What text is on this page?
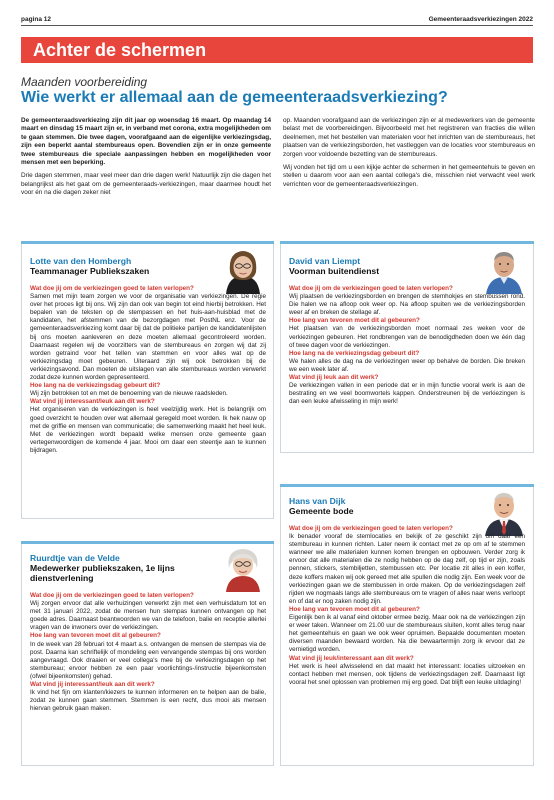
pagina 12	Gemeenteraadsverkiezingen 2022
Achter de schermen
Maanden voorbereiding
Wie werkt er allemaal aan de gemeenteraadsverkiezing?

De gemeenteraadsverkiezing zijn dit jaar op woensdag 16 maart. Op maandag 14 maart en dinsdag 15 maart zijn er, in verband met corona, extra mogelijkheden om te gaan stemmen. Die twee dagen, voorafgaand aan de eigenlijke verkiezingsdag, zijn een beperkt aantal stembureaus open. Bovendien zijn er in onze gemeente twee stembureaus die speciale aanpassingen hebben en mogelijkheden voor mensen met een beperking.

Drie dagen stemmen, maar veel meer dan drie dagen werk! Natuurlijk zijn die dagen het belangrijkst als het gaat om de gemeenteraads-verkiezingen, maar daarmee houdt het voor én na die dagen zeker niet

op. Maanden voorafgaand aan de verkiezingen zijn er al medewerkers van de gemeente belast met de voorbereidingen. Bijvoorbeeld met het registreren van fracties die willen deelnemen, met het bestellen van materialen voor het inrichten van de stembureaus, het plaatsen van de verkiezingsborden, het vastleggen van de locaties voor stembureaus en zorgen voor voldoende bezetting van de stembureaus.

Wij vonden het tijd om u een kijkje achter de schermen in het gemeentehuis te geven en stellen u daarom voor aan een aantal collega's die, misschien niet verwacht veel werk verrichten voor de gemeenteraadsverkiezingen.

Lotte van den Hombergh
Teammanager Publiekszaken
Wat doe jij om de verkiezingen goed te laten verlopen?
Samen met mijn team zorgen we voor de organisatie van verkiezingen. De regie over het proces ligt bij ons. Wij zijn dan ook van begin tot eind hierbij betrokken. Het bepalen van de teksten op de stempassen en het huis-aan-huisblad met de kandidaten, het afstemmen van de bezorgdagen met PostNL enz. Voor de gemeenteraadsverkiezing komt daar bij dat de politieke partijen de kandidatenlijsten bij ons moeten aanleveren en deze moeten allemaal gecontroleerd worden. Daarnaast regelen wij de voorzitters van de stembureaus en zorgen wij dat zij worden getraind voor het tellen van stemmen en voor alles wat op de verkiezingsdag moet gebeuren. Uiteraard zijn wij ook betrokken bij de verkiezingsavond. Dan moeten de uitslagen van alle stembureaus worden verwerkt zodat deze kunnen worden gepresenteerd.
Hoe lang na de verkiezingsdag gebeurt dit?
Wij zijn betrokken tot en met de benoeming van de nieuwe raadsleden.
Wat vind jij interessant/leuk aan dit werk?
Het organiseren van de verkiezingen is heel veelzijdig werk. Het is belangrijk om goed overzicht te houden over wat allemaal geregeld moet worden. Ik hek nauw op met de griffie en mensen van communicatie; die samenwerking maakt het heel leuk. Met de verkiezingen wordt bepaald welke mensen onze gemeente gaan vertegenwoordigen de komende 4 jaar. Mooi om daar een steentje aan te kunnen bijdragen.
Ruurdtje van de Velde
Medewerker publiekszaken, 1e lijns dienstverlening
Wat doe jij om de verkiezingen goed te laten verlopen?
Wij zorgen ervoor dat alle verhuizingen verwerkt zijn met een verhuisdatum tot en met 31 januari 2022, zodat de mensen hun stempas kunnen ontvangen op het goede adres. Daarnaast beantwoorden we van de telefoon, balie en receptie allerlei vragen van de inwoners over de verkiezingen.
Hoe lang van tevoren moet dit al gebeuren?
In de week van 28 februari tot 4 maart a.s. ontvangen de mensen de stempas via de post. Daarna kan schriftelijk of mondeling een vervangende stempas bij ons worden aangevraagd. Ook draaien er veel collega's mee bij de verkiezingsdagen op het stembureau; ervoor hebben ze een paar voorlichtings-/instructie bijeenkomsten (ofwel bijeenkomsten) gehad.
Wat vind jij interessant/leuk aan dit werk?
Ik vind het fijn om klanten/kiezers te kunnen informeren en te helpen aan de balie, zodat ze kunnen gaan stemmen. Stemmen is een recht, dus mooi als mensen hiervan gebruik gaan maken.
David van Liempt
Voorman buitendienst
Wat doe jij om de verkiezingen goed te laten verlopen?
Wij plaatsen de verkiezingsborden en brengen de stemhokjes en stembussen rond. Die halen we na afloop ook weer op. Na afloop spuiten we de verkiezingsborden weer af en breken de stellage af.
Hoe lang van tevoren moet dit al gebeuren?
Het plaatsen van de verkiezingsborden moet normaal zes weken voor de verkiezingen gebeuren. Het rondbrengen van de benodigdheden doen we één dag of twee dagen voor de verkiezingen.
Hoe lang na de verkiezingsdag gebeurt dit?
We halen alles de dag na de verkiezingen weer op behalve de borden. Die breken we een week later af.
Wat vind jij leuk aan dit werk?
De verkiezingen vallen in een periode dat er in mijn functie vooral werk is aan de bestrating en we veel boomwortels kappen. Onderstreunen bij de verkiezingen is dan een leuke afwisseling in mijn werk!
Hans van Dijk
Gemeente bode
Wat doe jij om de verkiezingen goed te laten verlopen?
Ik benader vooraf de stemlocaties en bekijk of ze geschikt zijn om daar een stembureau in kunnen richten. Later neem ik contact met ze op om af te stemmen wanneer we alle materialen kunnen komen brengen en opbouwen. Verder zorg ik ervoor dat alle materialen die ze nodig hebben op de dag zelf, op tijd er zijn, zoals pennen, stickers, stembiljetten, stembussen etc. Per locatie zit alles in een koffer, deze koffers maken wij ook gereed met alle spullen die nodig zijn. Een week voor de verkiezingen gaan we de stembussen in orde maken. Op de verkiezingsdagen zelf rijden we nogmaals langs alle stembureaus om te vragen of alles naar wens verloopt en of dat er nog zaken nodig zijn.
Hoe lang van tevoren moet dit al gebeuren?
Eigenlijk ben ik al vanaf eind oktober ermee bezig. Maar ook na de verkiezingen zijn er weer taken. Wanneer om 21.00 uur de stembureaus sluiten, komt alles terug naar het gemeentehuis en gaan we ook weer opruimen. Bepaalde documenten moeten diversen maanden bewaard worden. Na die bewaartermijn zorg ik ervoor dat ze vernietigd worden.
Wat vind jij leuk/interessant aan dit werk?
Het werk is heel afwisselend en dat maakt het interessant: locaties uitzoeken en contact hebben met mensen, ook tijdens de verkiezingsdagen zelf. Daarnaast ligt vooral het snel oplossen van problemen mij erg goed. Dat blijft een leuke uitdaging!
